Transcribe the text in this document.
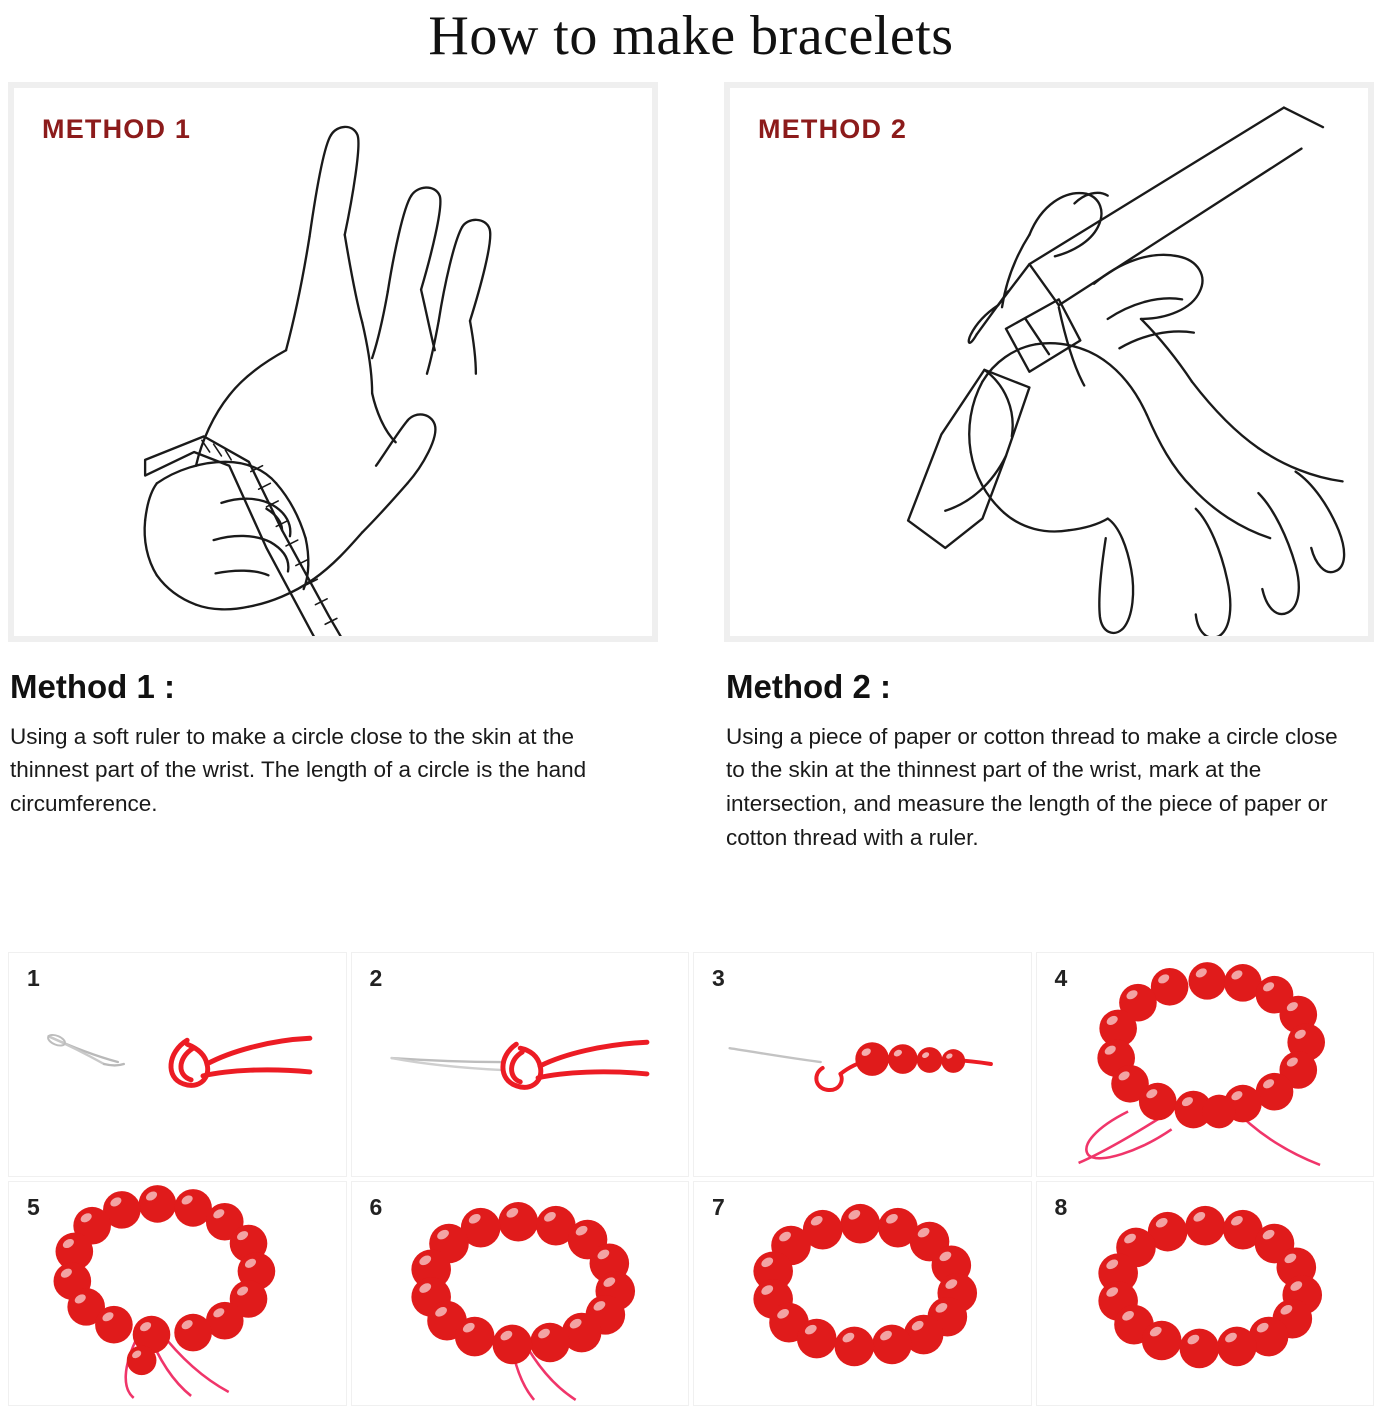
How to make bracelets
METHOD 1
Method 1 :

Using a soft ruler to make a circle close to the skin at the thinnest part of the wrist. The length of a circle is the hand circumference.

METHOD 2
Method 2 :

Using a piece of paper or cotton thread to make a circle close to the skin at the thinnest part of the wrist, mark at the intersection, and measure the length of the piece of paper or cotton thread with a ruler.

1	2	3	4
5	6	7	8
